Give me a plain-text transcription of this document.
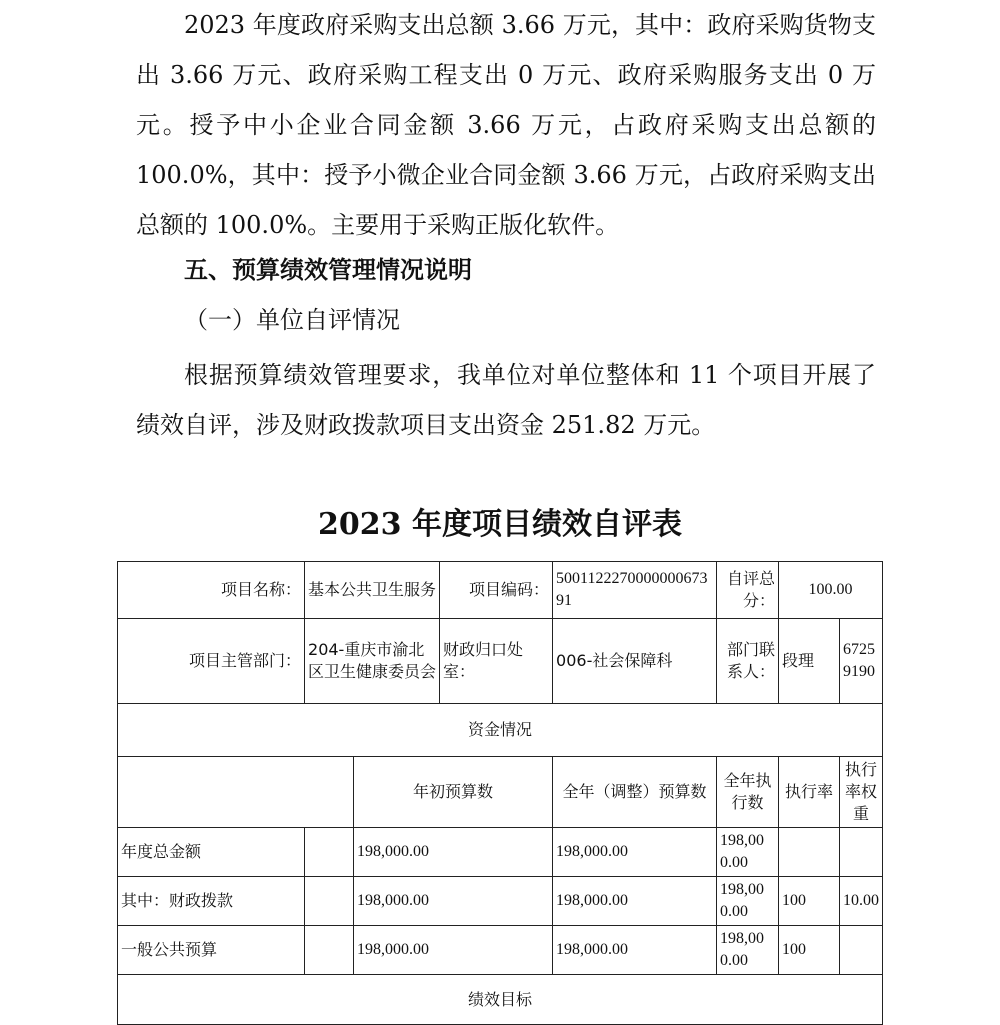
2023 年度政府采购支出总额 3.66 万元，其中：政府采购货物支出 3.66 万元、政府采购工程支出 0 万元、政府采购服务支出 0 万元。授予中小企业合同金额 3.66 万元，占政府采购支出总额的 100.0%，其中：授予小微企业合同金额 3.66 万元，占政府采购支出总额的 100.0%。主要用于采购正版化软件。

五、预算绩效管理情况说明

（一）单位自评情况

根据预算绩效管理要求，我单位对单位整体和 11 个项目开展了绩效自评，涉及财政拨款项目支出资金 251.82 万元。

2023 年度项目绩效自评表

项目名称：	基本公共卫生服务		项目编码：	500112227000000067391	自评总分：	100.00	
项目主管部门：	204-重庆市渝北区卫生健康委员会		财政归口处室：	006-社会保障科	部门联系人：	段理	67259190
资金情况							
		年初预算数		全年（调整）预算数	全年执行数	执行率	执行率权重
年度总金额		198,000.00		198,000.00	198,000.00		
其中：财政拨款		198,000.00		198,000.00	198,000.00	100	10.00
一般公共预算		198,000.00		198,000.00	198,000.00	100	
绩效目标							
